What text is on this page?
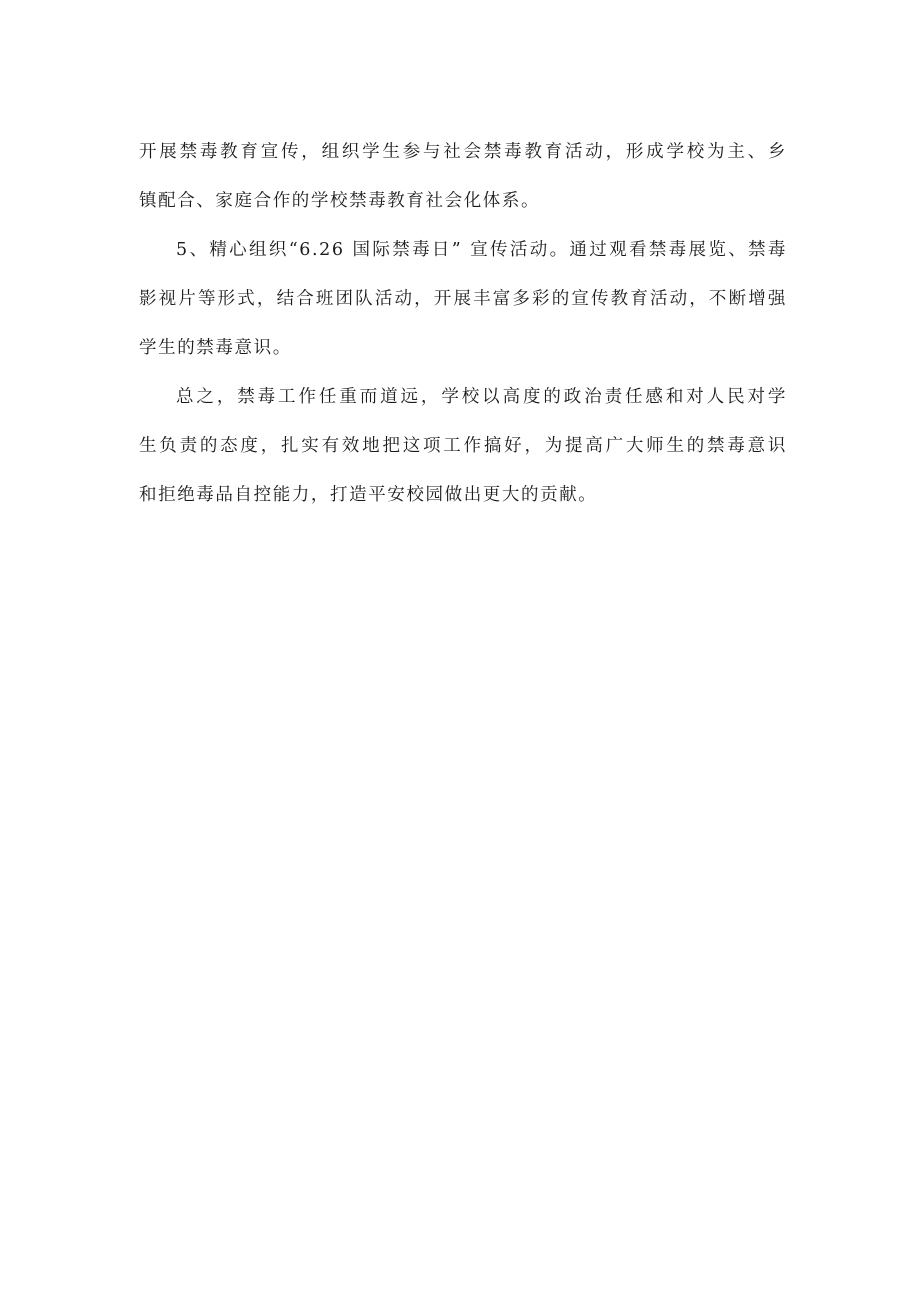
开展禁毒教育宣传，组织学生参与社会禁毒教育活动，形成学校为主、乡

镇配合、家庭合作的学校禁毒教育社会化体系。

5、精心组织“6.26 国际禁毒日” 宣传活动。通过观看禁毒展览、禁毒

影视片等形式，结合班团队活动，开展丰富多彩的宣传教育活动，不断增强

学生的禁毒意识。

总之，禁毒工作任重而道远，学校以高度的政治责任感和对人民对学

生负责的态度，扎实有效地把这项工作搞好，为提高广大师生的禁毒意识

和拒绝毒品自控能力，打造平安校园做出更大的贡献。
